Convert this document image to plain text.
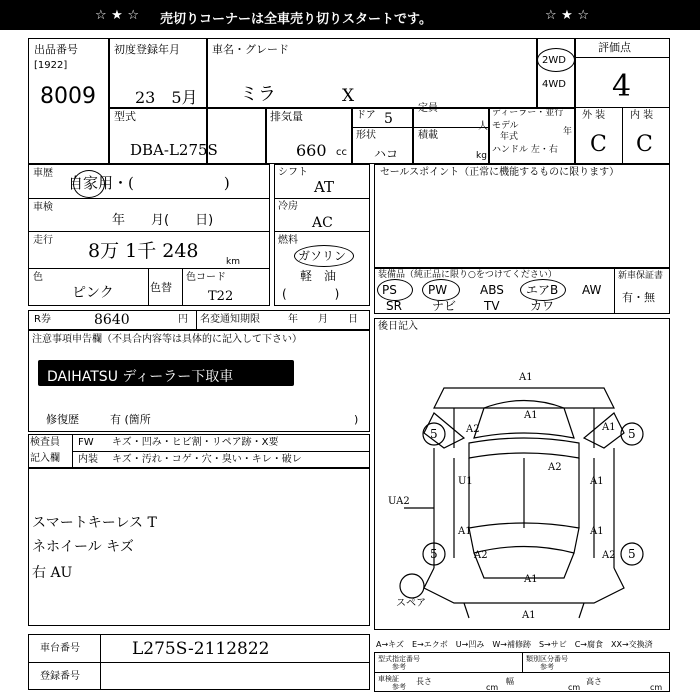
☆ ★ ☆ 売切りコーナーは全車売り切りスタートです。	☆ ★ ☆
出品番号
[1922]
8009
初度登録年月
23　5月
車名・グレード
ミラ	X
2WD
4WD
評価点
4
型式
DBA-L275S
排気量
660 cc
ドア 5
形状
ハコ
定員
人
積載
kg
ディーラー・並行
モデル
年式	年
ハンドル 左・右
外 装 内 装
C C
車歴
自家用・(　　　　　　)
車検
年　　月(　　日)
走行 8万 1千 248	km
色
ピンク	色替
色コード
T22
シフト
AT
冷房
AC
燃料
ガソリン
軽　油
(　　　　)
セールスポイント（正常に機能するものに限ります）
装備品（純正品に限り○をつけてください）
PS	PW	ABS エアB AW
SR	ナビ TV	カワ
新車保証書
有・無
R券	8640	円 名変通知期限	年　　月　　日
注意事項申告欄（不具合内容等は具体的に記入して下さい）
DAIHATSU ディーラー下取車
修復歴	有 (箇所	)
検査員
記入欄
FW キズ・凹み・ヒビ割・リペア跡・X要
内装 キズ・汚れ・コゲ・穴・臭い・キレ・破レ
スマートキーレス T
ネホイール キズ
右 AU
後日記入
A1
A1
A1
A2
A2
U1	A1
A1	A1
A1
A2	A2
A1
UA2
5	5
5	5
スペア
車台番号	L275S-2112822
登録番号
A→キズ　E→エクボ　U→凹み　W→補修跡　S→サビ　C→腐食　XX→交換済
型式指定番号
参考
類別区分番号
参考
車検証
参考
長さ
cm
幅
cm
高さ
cm
